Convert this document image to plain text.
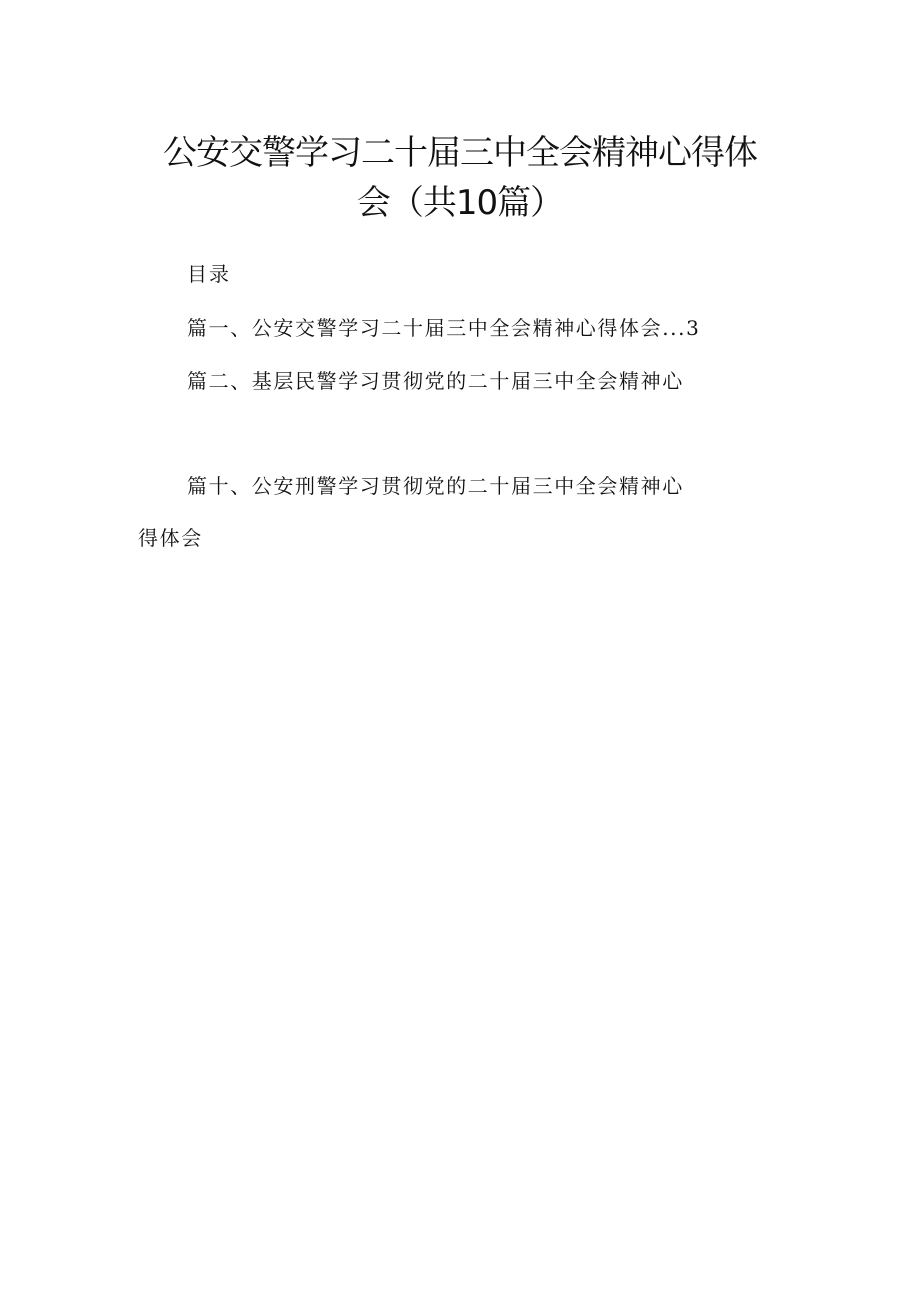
公安交警学习二十届三中全会精神心得体
会（共10篇）
目录
篇一、公安交警学习二十届三中全会精神心得体会...3
篇二、基层民警学习贯彻党的二十届三中全会精神心
篇十、公安刑警学习贯彻党的二十届三中全会精神心
得体会
